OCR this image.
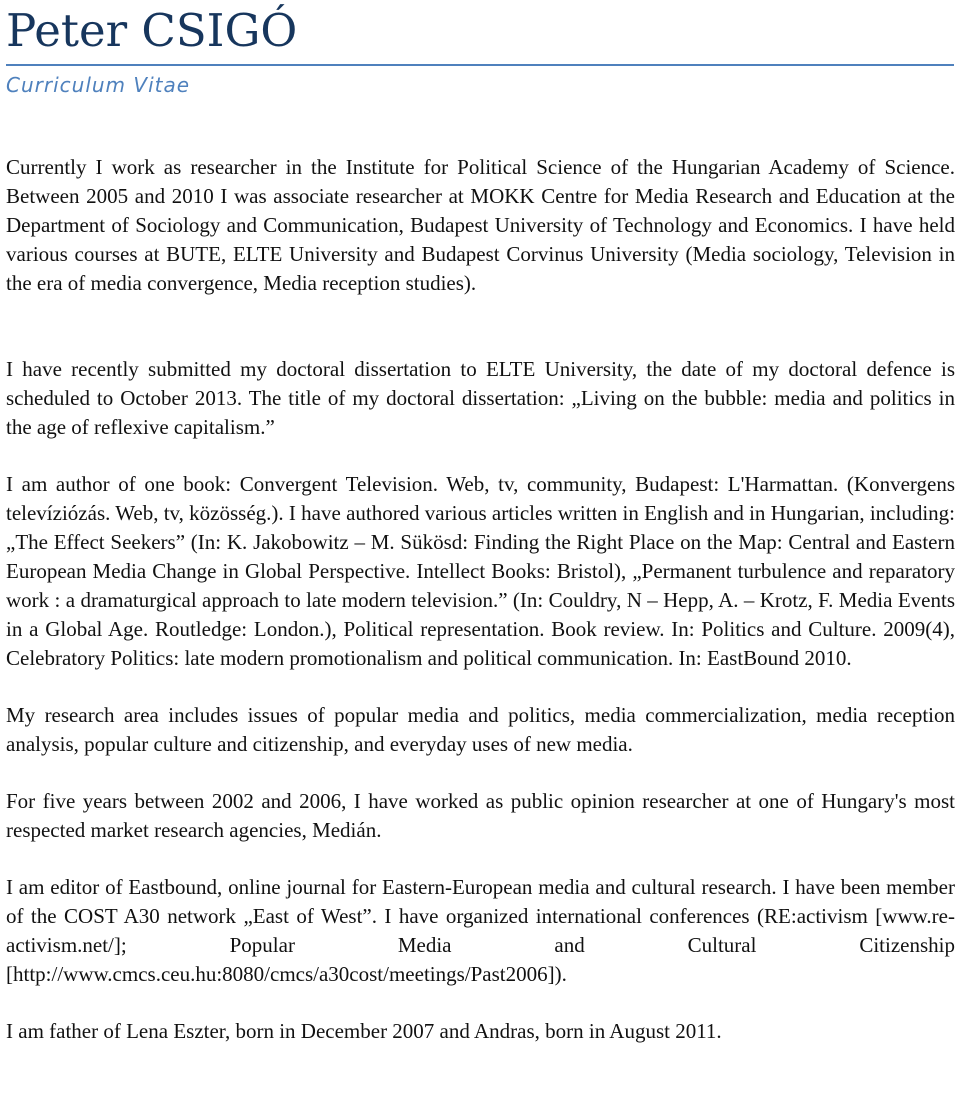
Peter CSIGÓ
Curriculum Vitae

Currently I work as researcher in the Institute for Political Science of the Hungarian Academy of Science. Between 2005 and 2010 I was associate researcher at MOKK Centre for Media Research and Education at the Department of Sociology and Communication, Budapest University of Technology and Economics. I have held various courses at BUTE, ELTE University and Budapest Corvinus University (Media sociology, Television in the era of media convergence, Media reception studies).

I have recently submitted my doctoral dissertation to ELTE University, the date of my doctoral defence is scheduled to October 2013. The title of my doctoral dissertation: „Living on the bubble: media and politics in the age of reflexive capitalism.”

I am author of one book: Convergent Television. Web, tv, community, Budapest: L'Harmattan. (Konvergens televíziózás. Web, tv, közösség.). I have authored various articles written in English and in Hungarian, including: „The Effect Seekers” (In: K. Jakobowitz – M. Sükösd: Finding the Right Place on the Map: Central and Eastern European Media Change in Global Perspective. Intellect Books: Bristol), „Permanent turbulence and reparatory work : a dramaturgical approach to late modern television.” (In: Couldry, N – Hepp, A. – Krotz, F. Media Events in a Global Age. Routledge: London.), Political representation. Book review. In: Politics and Culture. 2009(4), Celebratory Politics: late modern promotionalism and political communication. In: EastBound 2010.

My research area includes issues of popular media and politics, media commercialization, media reception analysis, popular culture and citizenship, and everyday uses of new media.

For five years between 2002 and 2006, I have worked as public opinion researcher at one of Hungary's most respected market research agencies, Medián.

I am editor of Eastbound, online journal for Eastern-European media and cultural research. I have been member of the COST A30 network „East of West”. I have organized international conferences (RE:activism [www.re-activism.net/]; Popular Media and Cultural Citizenship [http://www.cmcs.ceu.hu:8080/cmcs/a30cost/meetings/Past2006]).

I am father of Lena Eszter, born in December 2007 and Andras, born in August 2011.
